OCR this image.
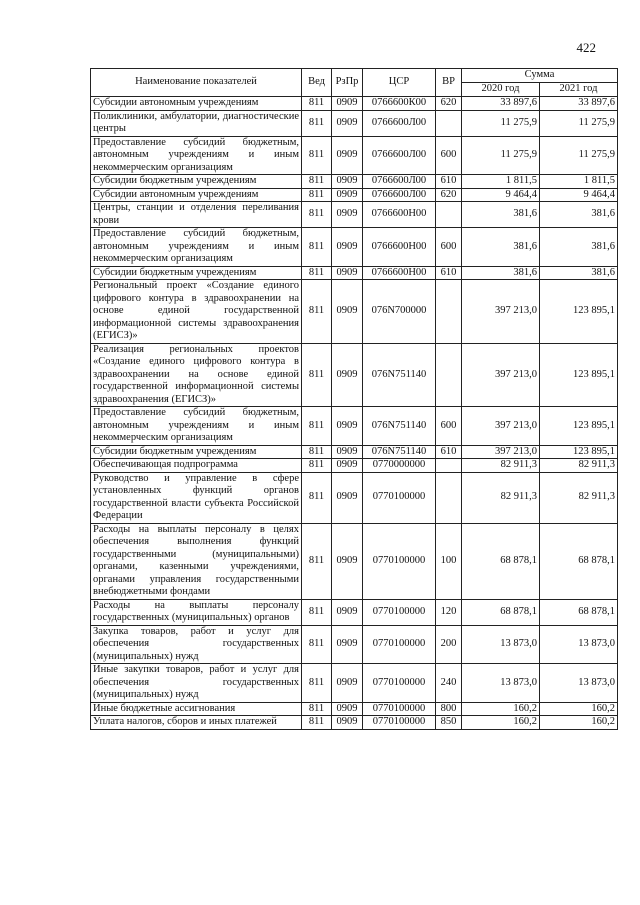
422
Наименование показателей	Вед	РзПр	ЦСР	ВР	Сумма	
					2020 год	2021 год
Субсидии автономным учреждениям	811	0909	0766600К00	620	33 897,6	33 897,6
Поликлиники, амбулатории, диагностические центры	811	0909	0766600Л00		11 275,9	11 275,9
Предоставление субсидий бюджетным, автономным учреждениям и иным некоммерческим организациям	811	0909	0766600Л00	600	11 275,9	11 275,9
Субсидии бюджетным учреждениям	811	0909	0766600Л00	610	1 811,5	1 811,5
Субсидии автономным учреждениям	811	0909	0766600Л00	620	9 464,4	9 464,4
Центры, станции и отделения переливания крови	811	0909	0766600Н00		381,6	381,6
Предоставление субсидий бюджетным, автономным учреждениям и иным некоммерческим организациям	811	0909	0766600Н00	600	381,6	381,6
Субсидии бюджетным учреждениям	811	0909	0766600Н00	610	381,6	381,6
Региональный проект «Создание единого цифрового контура в здравоохранении на основе единой государственной информационной системы здравоохранения (ЕГИСЗ)»	811	0909	076N700000		397 213,0	123 895,1
Реализация региональных проектов «Создание единого цифрового контура в здравоохранении на основе единой государственной информационной системы здравоохранения (ЕГИСЗ)»	811	0909	076N751140		397 213,0	123 895,1
Предоставление субсидий бюджетным, автономным учреждениям и иным некоммерческим организациям	811	0909	076N751140	600	397 213,0	123 895,1
Субсидии бюджетным учреждениям	811	0909	076N751140	610	397 213,0	123 895,1
Обеспечивающая подпрограмма	811	0909	0770000000		82 911,3	82 911,3
Руководство и управление в сфере установленных функций органов государственной власти субъекта Российской Федерации	811	0909	0770100000		82 911,3	82 911,3
Расходы на выплаты персоналу в целях обеспечения выполнения функций государственными (муниципальными) органами, казенными учреждениями, органами управления государственными внебюджетными фондами	811	0909	0770100000	100	68 878,1	68 878,1
Расходы на выплаты персоналу государственных (муниципальных) органов	811	0909	0770100000	120	68 878,1	68 878,1
Закупка товаров, работ и услуг для обеспечения государственных (муниципальных) нужд	811	0909	0770100000	200	13 873,0	13 873,0
Иные закупки товаров, работ и услуг для обеспечения государственных (муниципальных) нужд	811	0909	0770100000	240	13 873,0	13 873,0
Иные бюджетные ассигнования	811	0909	0770100000	800	160,2	160,2
Уплата налогов, сборов и иных платежей	811	0909	0770100000	850	160,2	160,2
